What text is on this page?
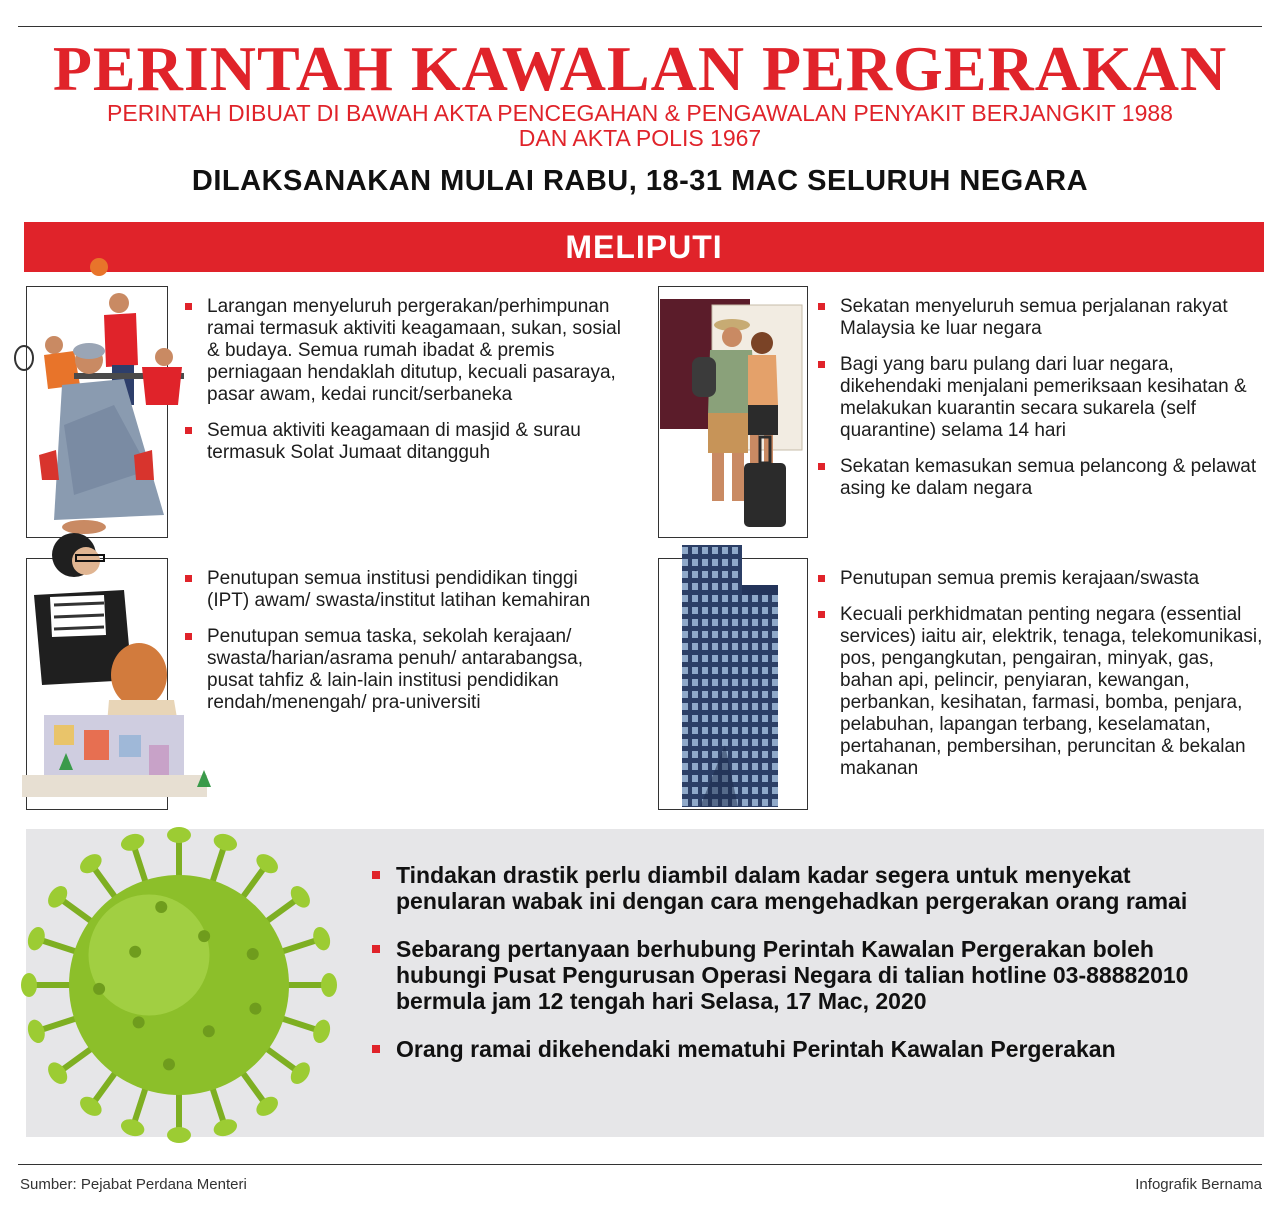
PERINTAH KAWALAN PERGERAKAN
PERINTAH DIBUAT DI BAWAH AKTA PENCEGAHAN & PENGAWALAN PENYAKIT BERJANGKIT 1988
DAN AKTA POLIS 1967
DILAKSANAKAN MULAI RABU, 18-31 MAC SELURUH NEGARA
MELIPUTI
Larangan menyeluruh pergerakan/perhimpunan ramai termasuk aktiviti keagamaan, sukan, sosial & budaya. Semua rumah ibadat & premis perniagaan hendaklah ditutup, kecuali pasaraya, pasar awam, kedai runcit/serbaneka
Semua aktiviti keagamaan di masjid & surau termasuk Solat Jumaat ditangguh
Sekatan menyeluruh semua perjalanan rakyat Malaysia ke luar negara
Bagi yang baru pulang dari luar negara, dikehendaki menjalani pemeriksaan kesihatan & melakukan kuarantin secara sukarela (self quarantine) selama 14 hari
Sekatan kemasukan semua pelancong & pelawat asing ke dalam negara
Penutupan semua institusi pendidikan tinggi (IPT) awam/ swasta/institut latihan kemahiran
Penutupan semua taska, sekolah kerajaan/ swasta/harian/asrama penuh/ antarabangsa, pusat tahfiz & lain-lain institusi pendidikan rendah/menengah/ pra-universiti
Penutupan semua premis kerajaan/swasta
Kecuali perkhidmatan penting negara (essential services) iaitu air, elektrik, tenaga, telekomunikasi, pos, pengangkutan, pengairan, minyak, gas, bahan api, pelincir, penyiaran, kewangan, perbankan, kesihatan, farmasi, bomba, penjara, pelabuhan, lapangan terbang, keselamatan, pertahanan, pembersihan, peruncitan & bekalan makanan
Tindakan drastik perlu diambil dalam kadar segera untuk menyekat penularan wabak ini dengan cara mengehadkan pergerakan orang ramai
Sebarang pertanyaan berhubung Perintah Kawalan Pergerakan boleh hubungi Pusat Pengurusan Operasi Negara di talian hotline 03-88882010 bermula jam 12 tengah hari Selasa, 17 Mac, 2020
Orang ramai dikehendaki mematuhi Perintah Kawalan Pergerakan
Sumber: Pejabat Perdana Menteri	Infografik Bernama
